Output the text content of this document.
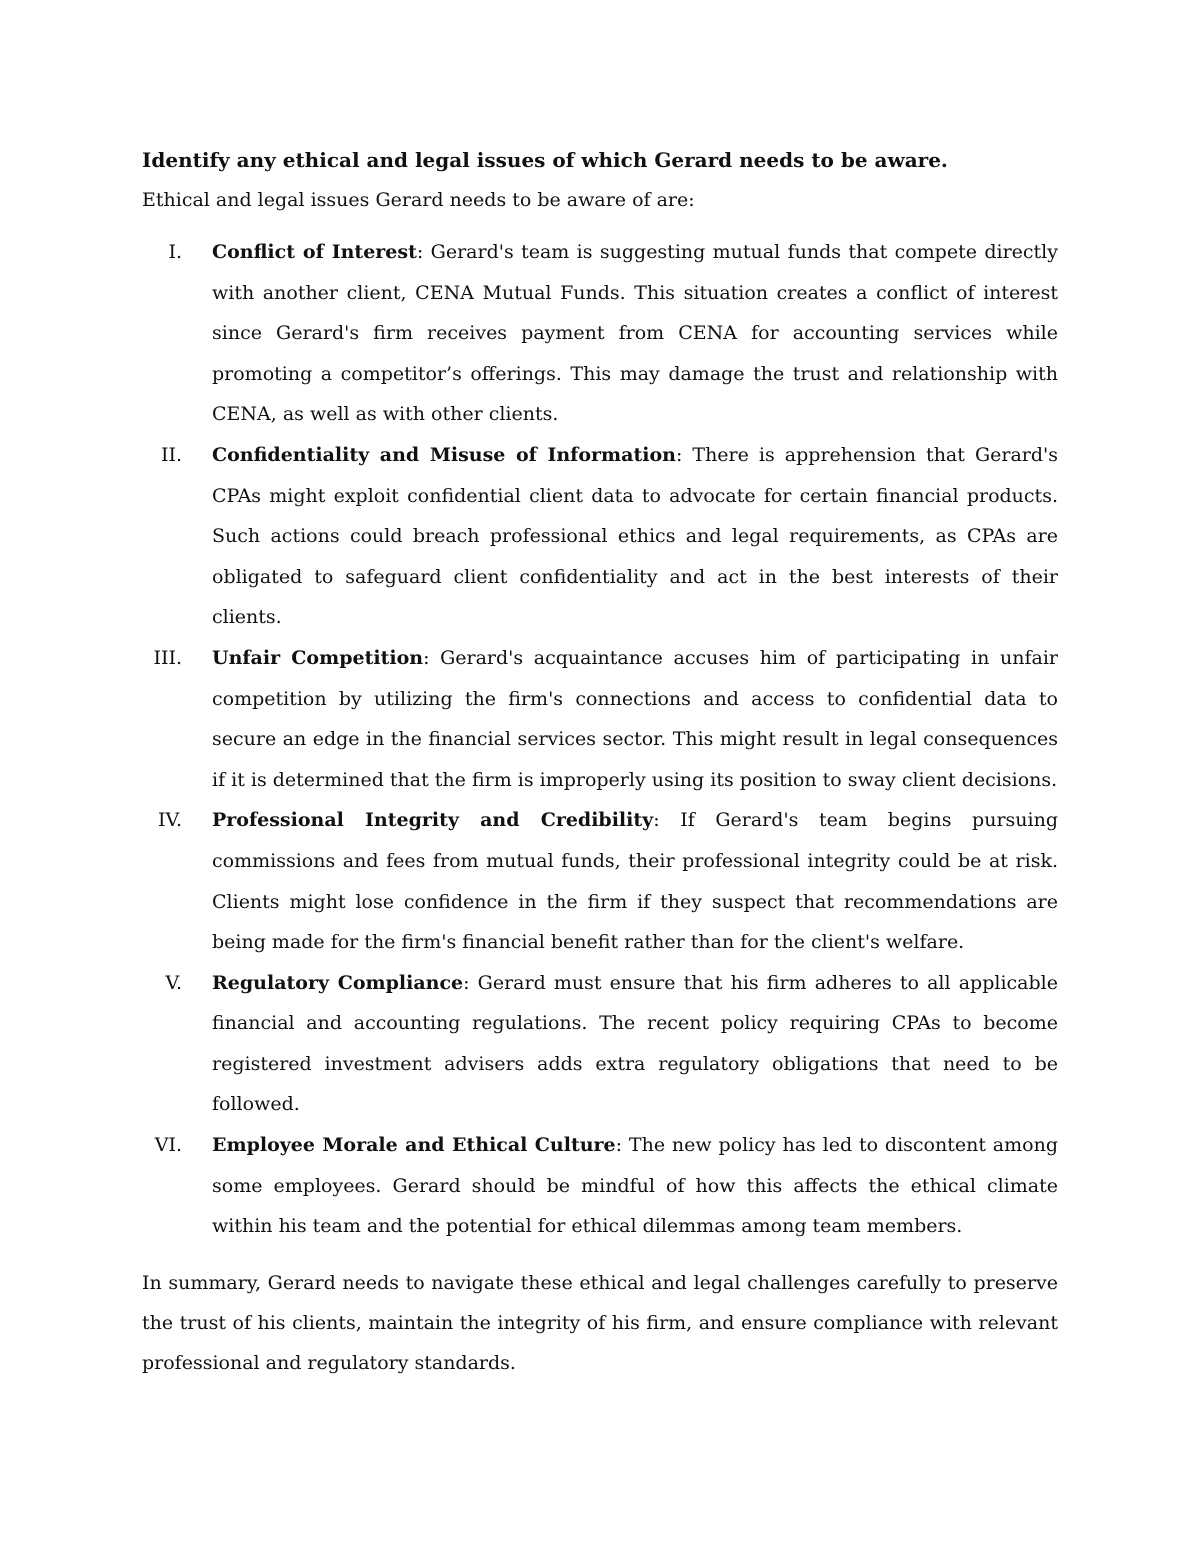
Identify any ethical and legal issues of which Gerard needs to be aware.

Ethical and legal issues Gerard needs to be aware of are:

I. Conflict of Interest: Gerard's team is suggesting mutual funds that compete directly with another client, CENA Mutual Funds. This situation creates a conflict of interest since Gerard's firm receives payment from CENA for accounting services while promoting a competitor’s offerings. This may damage the trust and relationship with CENA, as well as with other clients.
II. Confidentiality and Misuse of Information: There is apprehension that Gerard's CPAs might exploit confidential client data to advocate for certain financial products. Such actions could breach professional ethics and legal requirements, as CPAs are obligated to safeguard client confidentiality and act in the best interests of their clients.
III. Unfair Competition: Gerard's acquaintance accuses him of participating in unfair competition by utilizing the firm's connections and access to confidential data to secure an edge in the financial services sector. This might result in legal consequences if it is determined that the firm is improperly using its position to sway client decisions.
IV. Professional Integrity and Credibility: If Gerard's team begins pursuing commissions and fees from mutual funds, their professional integrity could be at risk. Clients might lose confidence in the firm if they suspect that recommendations are being made for the firm's financial benefit rather than for the client's welfare.
V. Regulatory Compliance: Gerard must ensure that his firm adheres to all applicable financial and accounting regulations. The recent policy requiring CPAs to become registered investment advisers adds extra regulatory obligations that need to be followed.
VI. Employee Morale and Ethical Culture: The new policy has led to discontent among some employees. Gerard should be mindful of how this affects the ethical climate within his team and the potential for ethical dilemmas among team members.

In summary, Gerard needs to navigate these ethical and legal challenges carefully to preserve the trust of his clients, maintain the integrity of his firm, and ensure compliance with relevant professional and regulatory standards.
